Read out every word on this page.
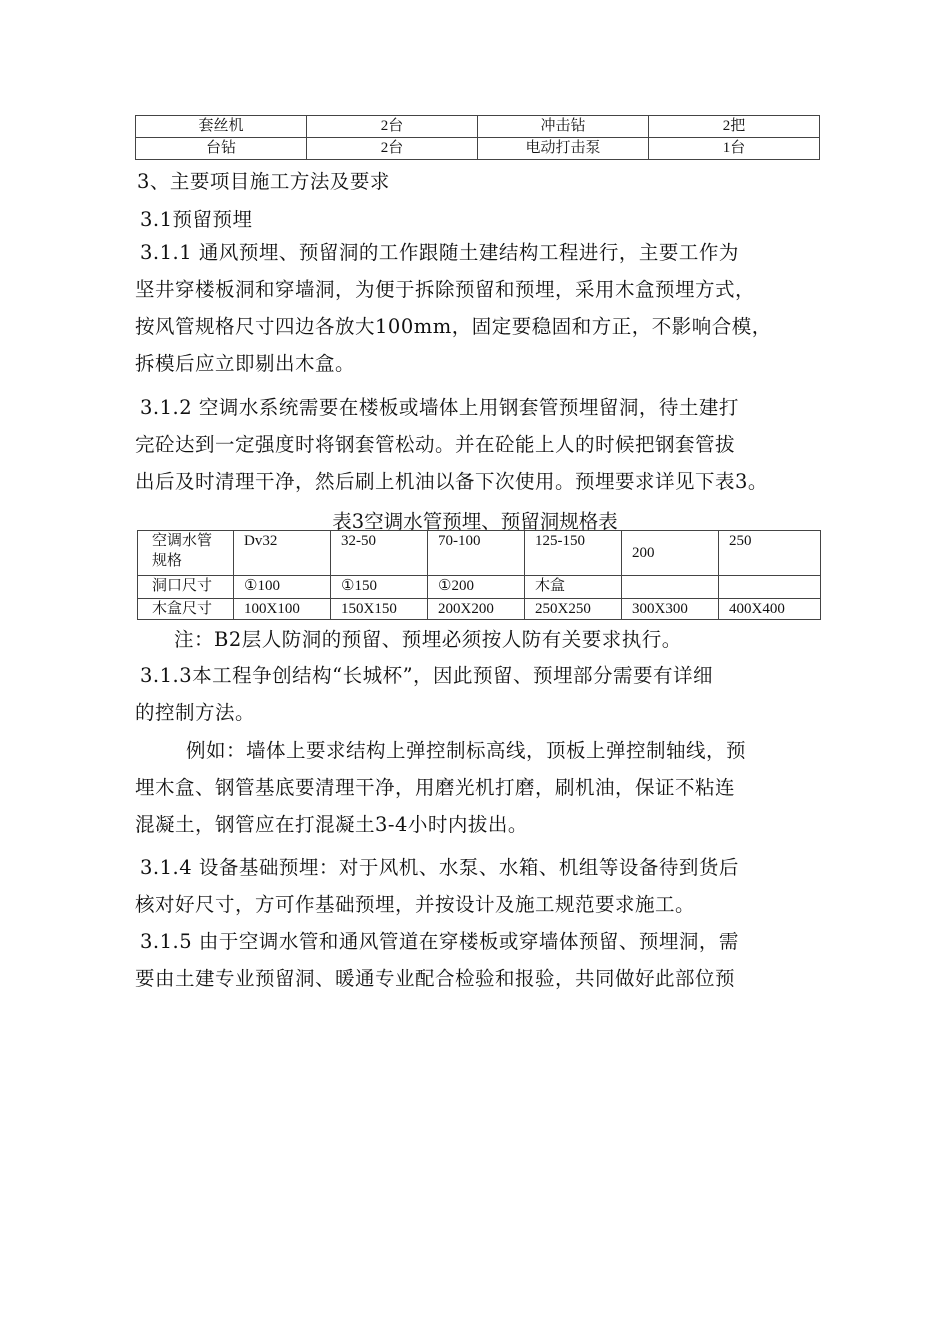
套丝机	2台	冲击钻	2把
台钻	2台	电动打击泵	1台
3、主要项目施工方法及要求
3.1预留预埋
3.1.1 通风预埋、预留洞的工作跟随土建结构工程进行，主要工作为
坚井穿楼板洞和穿墙洞，为便于拆除预留和预埋，采用木盒预埋方式，
按风管规格尺寸四边各放大100mm，固定要稳固和方正，不影响合模，
拆模后应立即剔出木盒。
3.1.2 空调水系统需要在楼板或墙体上用钢套管预埋留洞，待土建打
完砼达到一定强度时将钢套管松动。并在砼能上人的时候把钢套管拔
出后及时清理干净，然后刷上机油以备下次使用。预埋要求详见下表3。
表3空调水管预埋、预留洞规格表
空调水管
规格	Dv32	32-50	70-100	125-150	200	250
洞口尺寸	①100	①150	①200	木盒		
木盒尺寸	100X100	150X150	200X200	250X250	300X300	400X400
注：B2层人防洞的预留、预埋必须按人防有关要求执行。
3.1.3本工程争创结构“长城杯”，因此预留、预埋部分需要有详细
的控制方法。
例如：墙体上要求结构上弹控制标高线，顶板上弹控制轴线，预
埋木盒、钢管基底要清理干净，用磨光机打磨，刷机油，保证不粘连
混凝土，钢管应在打混凝土3-4小时内拔出。
3.1.4 设备基础预埋：对于风机、水泵、水箱、机组等设备待到货后
核对好尺寸，方可作基础预埋，并按设计及施工规范要求施工。
3.1.5 由于空调水管和通风管道在穿楼板或穿墙体预留、预埋洞，需
要由土建专业预留洞、暖通专业配合检验和报验，共同做好此部位预
